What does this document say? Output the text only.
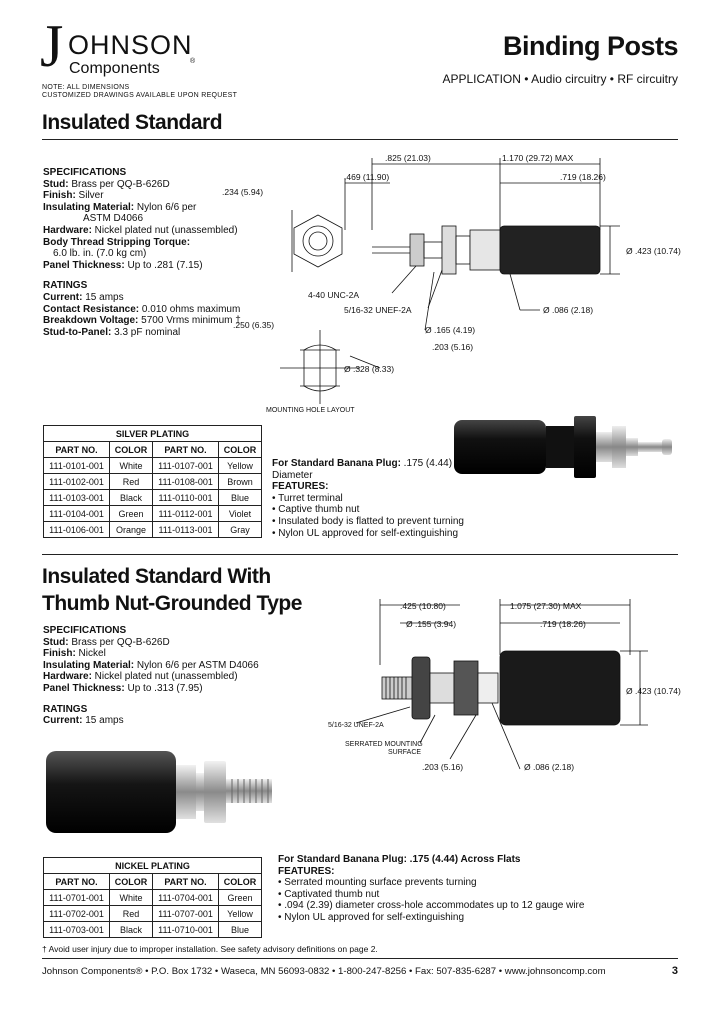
J OHNSON
Components	®
NOTE: ALL DIMENSIONS
CUSTOMIZED DRAWINGS AVAILABLE UPON REQUEST
Binding Posts
APPLICATION • Audio circuitry • RF circuitry
Insulated Standard
SPECIFICATIONS
Stud: Brass per QQ-B-626D
Finish: Silver
Insulating Material: Nylon 6/6 per
ASTM D4066
Hardware: Nickel plated nut (unassembled)
Body Thread Stripping Torque:
6.0 lb. in. (7.0 kg cm)
Panel Thickness: Up to .281 (7.15)
RATINGS
Current: 15 amps
Contact Resistance: 0.010 ohms maximum
Breakdown Voltage: 5700 Vrms minimum †
Stud-to-Panel: 3.3 pF nominal
.825 (21.03)	1.170 (29.72) MAX
.469 (11.90)	.719 (18.26)
.234 (5.94)
Ø .423 (10.74)
4-40 UNC-2A
5/16-32 UNEF-2A	Ø .086 (2.18)
Ø .165 (4.19)
.203 (5.16)
.250 (6.35)
Ø .328 (8.33)
MOUNTING HOLE LAYOUT
SILVER PLATING			
PART NO.	COLOR	PART NO.	COLOR
111-0101-001	White	111-0107-001	Yellow
111-0102-001	Red	111-0108-001	Brown
111-0103-001	Black	111-0110-001	Blue
111-0104-001	Green	111-0112-001	Violet
111-0106-001	Orange	111-0113-001	Gray
For Standard Banana Plug: .175 (4.44)
Diameter
FEATURES:
• Turret terminal
• Captive thumb nut
• Insulated body is flatted to prevent turning
• Nylon UL approved for self-extinguishing
Insulated Standard With
Thumb Nut-Grounded Type
SPECIFICATIONS
Stud: Brass per QQ-B-626D
Finish: Nickel
Insulating Material: Nylon 6/6 per ASTM D4066
Hardware: Nickel plated nut (unassembled)
Panel Thickness: Up to .313 (7.95)
RATINGS
Current: 15 amps
.425 (10.80)	1.075 (27.30) MAX
Ø .155 (3.94)	.719 (18.26)
Ø .423 (10.74)
5/16-32 UNEF-2A
SERRATED MOUNTING
SURFACE
.203 (5.16)	Ø .086 (2.18)
NICKEL PLATING			
PART NO.	COLOR	PART NO.	COLOR
111-0701-001	White	111-0704-001	Green
111-0702-001	Red	111-0707-001	Yellow
111-0703-001	Black	111-0710-001	Blue
For Standard Banana Plug: .175 (4.44) Across Flats
FEATURES:
• Serrated mounting surface prevents turning
• Captivated thumb nut
• .094 (2.39) diameter cross-hole accommodates up to 12 gauge wire
• Nylon UL approved for self-extinguishing
† Avoid user injury due to improper installation. See safety advisory definitions on page 2.
Johnson Components® • P.O. Box 1732 • Waseca, MN 56093-0832 • 1-800-247-8256 • Fax: 507-835-6287 • www.johnsoncomp.com	3
